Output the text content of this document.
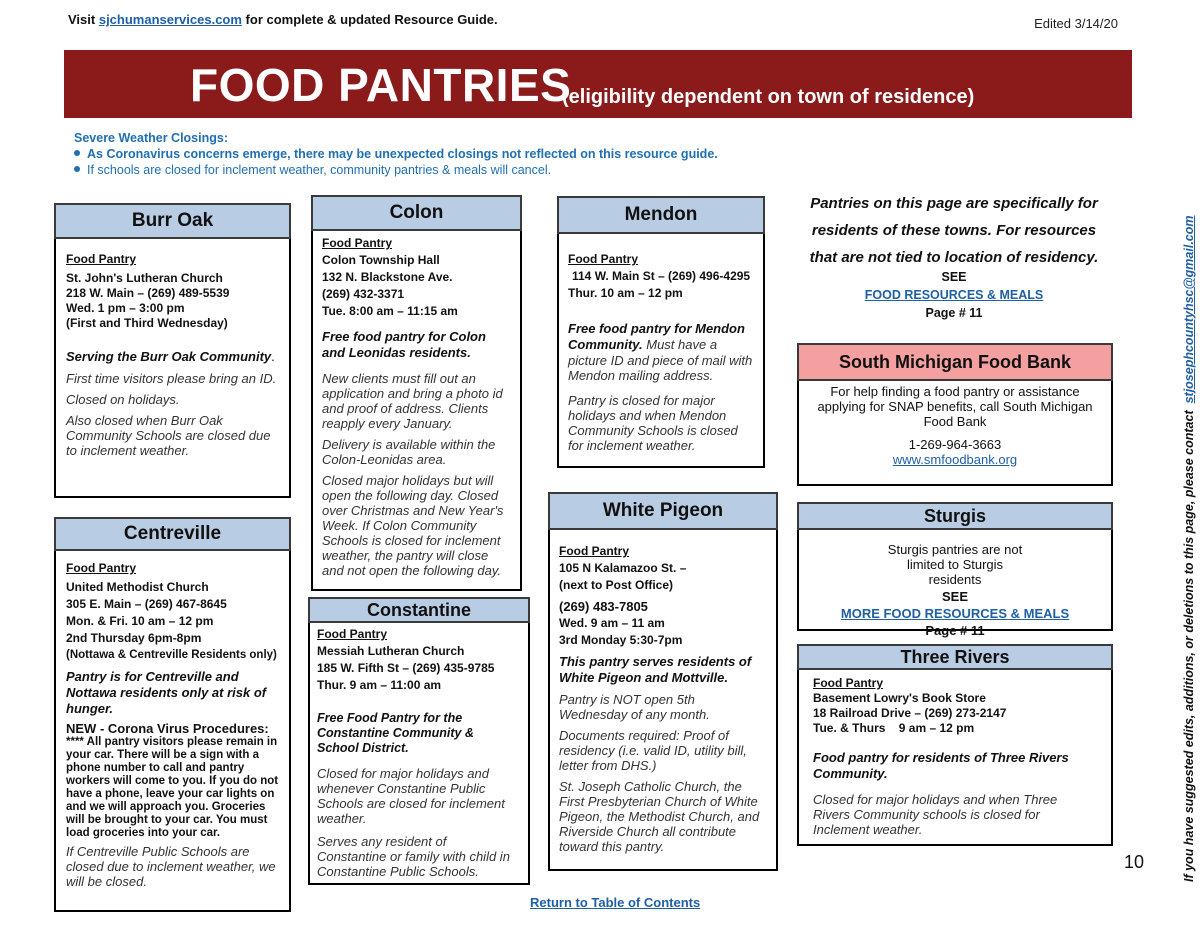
Visit sjchumanservices.com for complete & updated Resource Guide.	Edited 3/14/20
FOOD PANTRIES
(eligibility dependent on town of residence)
Severe Weather Closings:
As Coronavirus concerns emerge, there may be unexpected closings not reflected on this resource guide.
If schools are closed for inclement weather, community pantries & meals will cancel.
Food Pantry
St. John's Lutheran Church
218 W. Main – (269) 489-5539
Wed. 1 pm – 3:00 pm
(First and Third Wednesday)
Serving the Burr Oak Community.
First time visitors please bring an ID.
Closed on holidays.
Also closed when Burr Oak Community Schools are closed due to inclement weather.
Burr Oak
Food Pantry
United Methodist Church
305 E. Main – (269) 467-8645
Mon. & Fri. 10 am – 12 pm
2nd Thursday 6pm-8pm
(Nottawa & Centreville Residents only)
Pantry is for Centreville and Nottawa residents only at risk of hunger.
NEW - Corona Virus Procedures:
**** All pantry visitors please remain in your car. There will be a sign with a phone number to call and pantry workers will come to you. If you do not have a phone, leave your car lights on and we will approach you. Groceries will be brought to your car. You must load groceries into your car.
If Centreville Public Schools are closed due to inclement weather, we will be closed.
Centreville
Food Pantry
Colon Township Hall
132 N. Blackstone Ave.
(269) 432-3371
Tue. 8:00 am – 11:15 am
Free food pantry for Colon and Leonidas residents.
New clients must fill out an application and bring a photo id and proof of address. Clients reapply every January.
Delivery is available within the Colon-Leonidas area.
Closed major holidays but will open the following day. Closed over Christmas and New Year's Week. If Colon Community Schools is closed for inclement weather, the pantry will close and not open the following day.
Colon
Food Pantry
Messiah Lutheran Church
185 W. Fifth St – (269) 435-9785
Thur. 9 am – 11:00 am
Free Food Pantry for the Constantine Community & School District.
Closed for major holidays and whenever Constantine Public Schools are closed for inclement weather.
Serves any resident of Constantine or family with child in Constantine Public Schools.
Constantine
Food Pantry
114 W. Main St – (269) 496-4295
Thur. 10 am – 12 pm
Free food pantry for Mendon Community. Must have a picture ID and piece of mail with Mendon mailing address.
Pantry is closed for major holidays and when Mendon Community Schools is closed for inclement weather.
Mendon
Food Pantry
105 N Kalamazoo St. –
(next to Post Office)
(269) 483-7805
Wed. 9 am – 11 am
3rd Monday 5:30-7pm
This pantry serves residents of White Pigeon and Mottville.
Pantry is NOT open 5th Wednesday of any month.
Documents required: Proof of residency (i.e. valid ID, utility bill, letter from DHS.)
St. Joseph Catholic Church, the First Presbyterian Church of White Pigeon, the Methodist Church, and Riverside Church all contribute toward this pantry.
White Pigeon
Pantries on this page are specifically for residents of these towns. For resources that are not tied to location of residency.
SEE
FOOD RESOURCES & MEALS
Page # 11
For help finding a food pantry or assistance applying for SNAP benefits, call South Michigan Food Bank
1-269-964-3663
www.smfoodbank.org
South Michigan Food Bank
Sturgis pantries are not limited to Sturgis residents
SEE
MORE FOOD RESOURCES & MEALS
Page # 11
Sturgis
Food Pantry
Basement Lowry's Book Store
18 Railroad Drive – (269) 273-2147
Tue. & Thurs    9 am – 12 pm
Food pantry for residents of Three Rivers Community.
Closed for major holidays and when Three Rivers Community schools is closed for Inclement weather.
Three Rivers	If you have suggested edits, additions, or deletions to this page, please contact  stjosephcountyhsc@gmail.com
10
Return to Table of Contents
